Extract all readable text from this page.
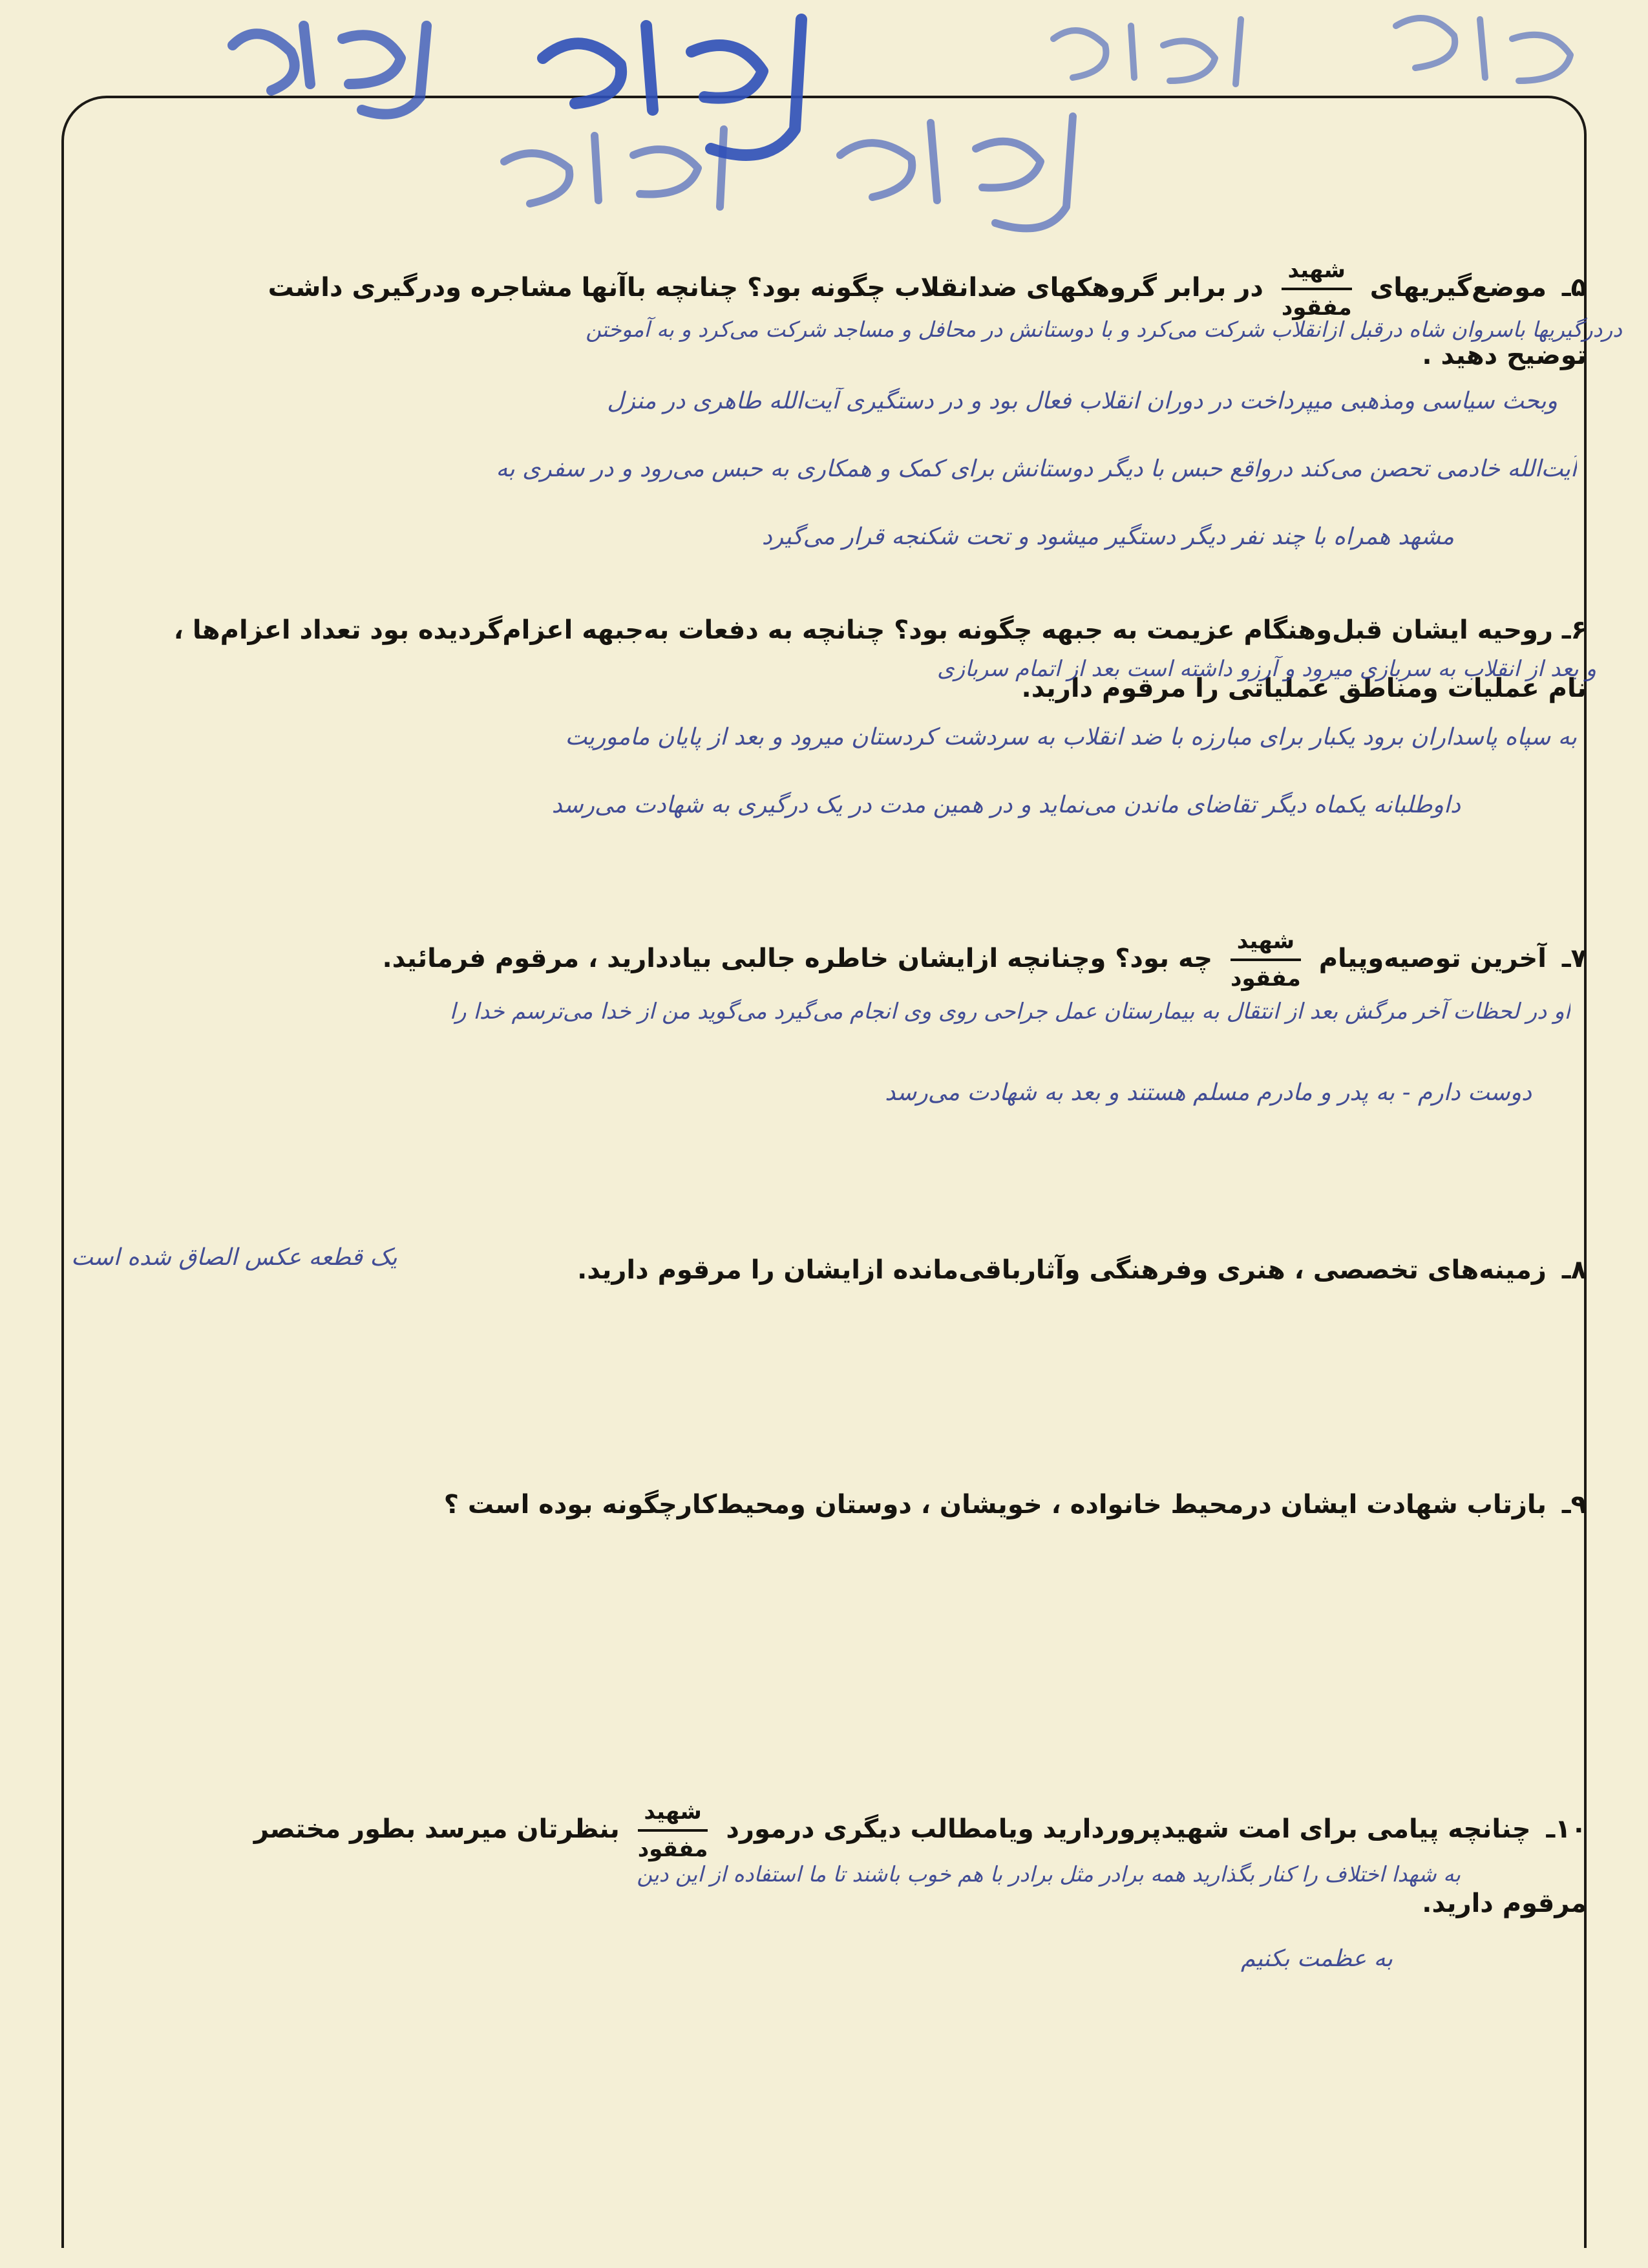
۵ـ موضع‌گیریهای
$\frac{\text{شهید}}{\text{مفقود}}$
در برابر گروهکهای ضدانقلاب چگونه بود؟ چنانچه باآنها مشاجره ودرگیری داشت
توضیح دهید .
دردرگیریها باسروان شاه درقبل ازانقلاب شرکت می‌کرد و با دوستانش در محافل و مساجد شرکت می‌کرد و به آموختن
وبحث سیاسی ومذهبی میپرداخت در دوران انقلاب فعال بود و در دستگیری آیت‌الله طاهری در منزل
آیت‌الله خادمی تحصن می‌کند درواقع حبس با دیگر دوستانش برای کمک و همکاری به حبس می‌رود و در سفری به
مشهد همراه با چند نفر دیگر دستگیر میشود و تحت شکنجه قرار می‌گیرد
۶ـ روحیه ایشان قبل‌وهنگام عزیمت به جبهه چگونه بود؟ چنانچه به دفعات به‌جبهه اعزام‌گردیده بود تعداد اعزام‌ها ،
نام عملیات ومناطق عملیاتی را مرقوم دارید.
و بعد از انقلاب به سربازی میرود و آرزو داشته است بعد از اتمام سربازی
به سپاه پاسداران برود یکبار برای مبارزه با ضد انقلاب به سردشت کردستان میرود و بعد از پایان ماموریت
داوطلبانه یکماه دیگر تقاضای ماندن می‌نماید و در همین مدت در یک درگیری به شهادت می‌رسد
۷ـ آخرین توصیه‌وپیام
$\frac{\text{شهید}}{\text{مفقود}}$
چه بود؟ وچنانچه ازایشان خاطره جالبی بیاددارید ، مرقوم فرمائید.
او در لحظات آخر مرگش بعد از انتقال به بیمارستان عمل جراحی روی وی انجام می‌گیرد می‌گوید من از خدا می‌ترسم خدا را
دوست دارم - به پدر و مادرم مسلم هستند و بعد به شهادت می‌رسد
۸ـ زمینه‌های تخصصی ، هنری وفرهنگی وآثارباقی‌مانده ازایشان را مرقوم دارید.
یک قطعه عکس الصاق شده است
۹ـ بازتاب شهادت ایشان درمحیط خانواده ، خویشان ، دوستان ومحیط‌کارچگونه بوده است ؟
۱۰ـ چنانچه پیامی برای امت شهیدپروردارید ویامطالب دیگری درمورد
$\frac{\text{شهید}}{\text{مفقود}}$
بنظرتان میرسد بطور مختصر
مرقوم دارید.
به شهدا اختلاف را کنار بگذارید همه برادر مثل برادر با هم خوب باشند تا ما استفاده از این دین
به عظمت بکنیم
